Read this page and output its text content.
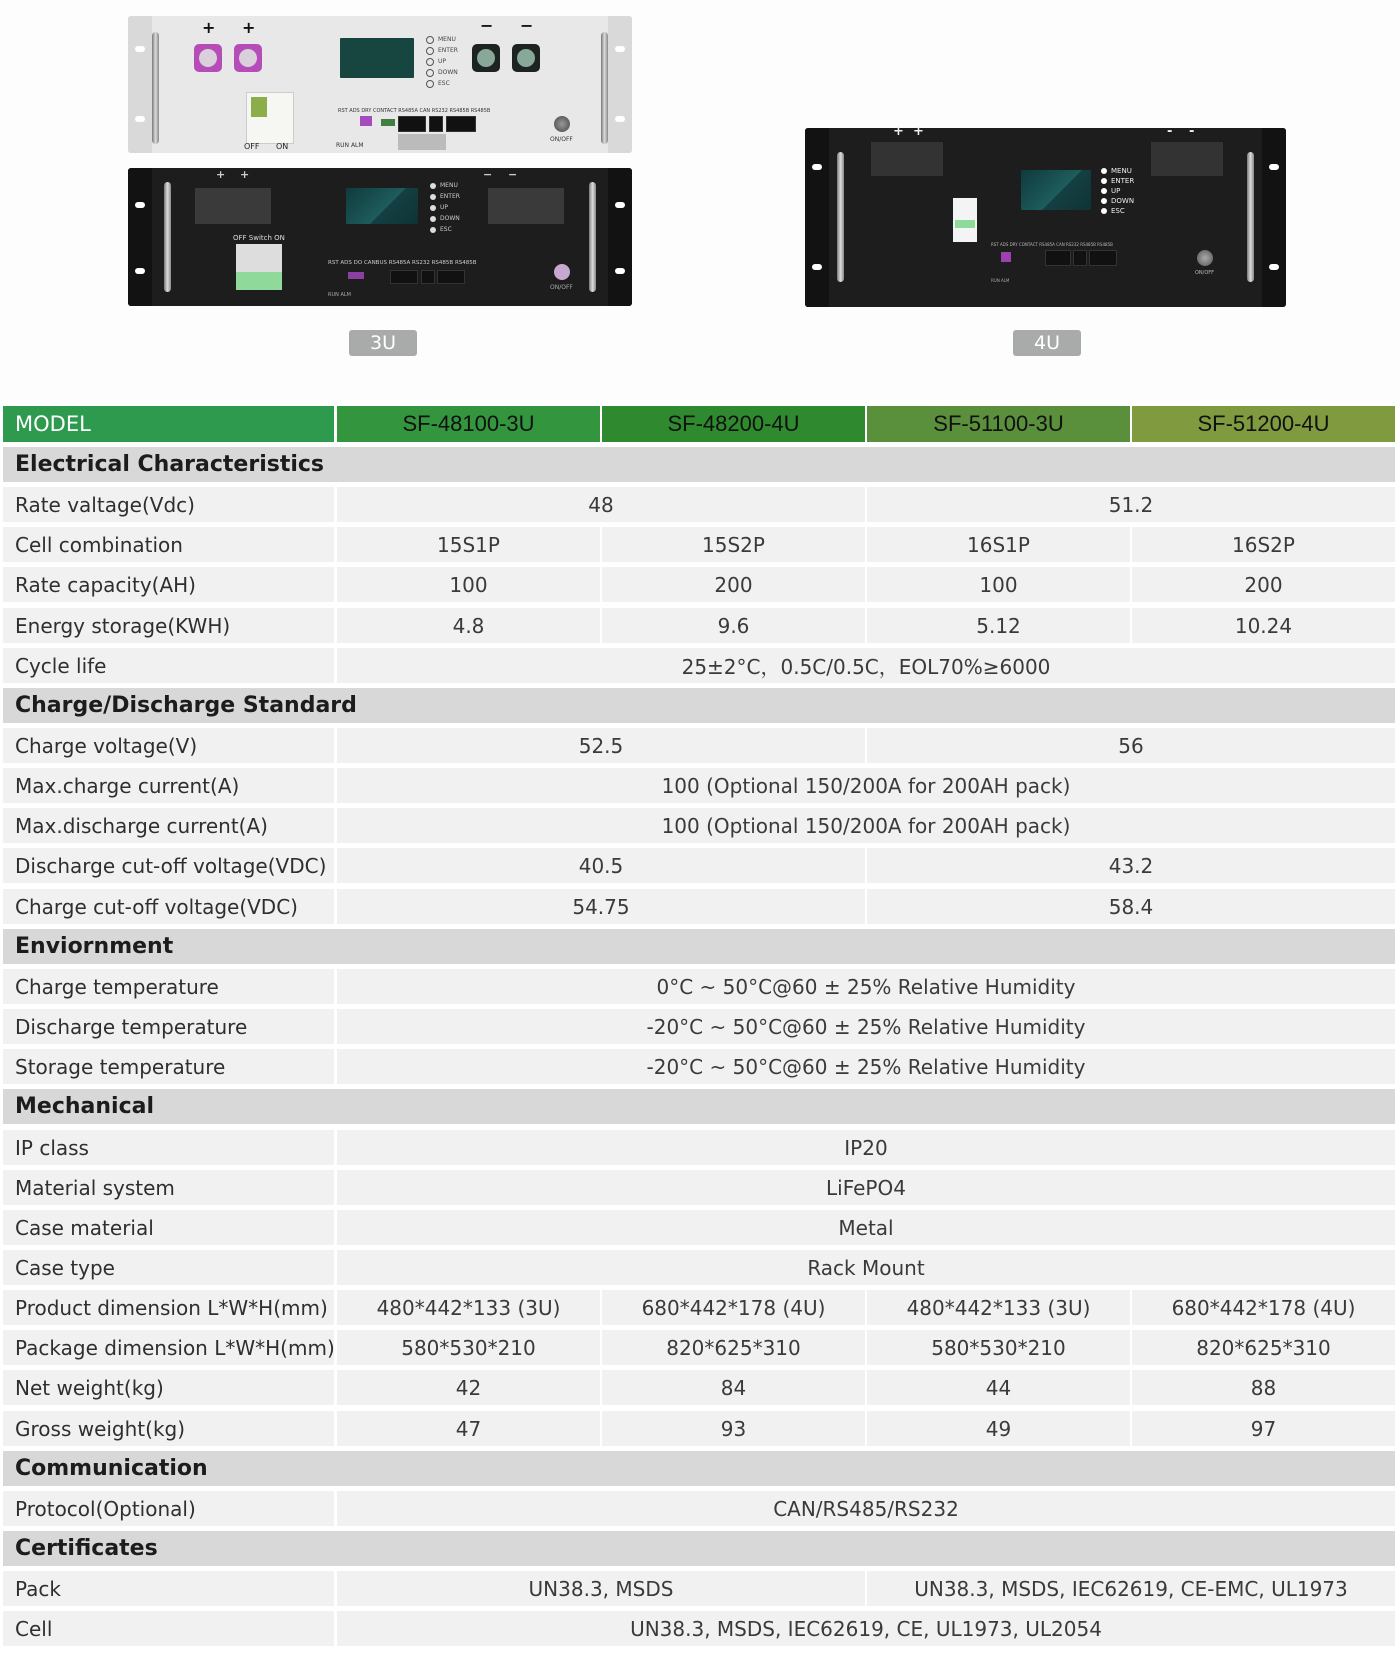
+ +	− −
MENU
ENTER
UP
DOWN
ESC
OFF ON
RST ADS DRY CONTACT RS485A CAN RS232 RS485B RS485B
RUN ALM
ON/OFF
+ +	− −
MENU
ENTER
UP
DOWN
ESC
OFF Switch ON
RST ADS DO CANBUS RS485A RS232 RS485B RS485B
RUN ALM
ON/OFF
3U
+ +	- -
MENU
ENTER
UP
DOWN
ESC
RST ADS DRY CONTACT RS485A CAN RS232 RS485B RS485B
RUN ALM
ON/OFF
4U
MODEL	SF-48100-3U	SF-48200-4U	SF-51100-3U	SF-51200-4U
Electrical Characteristics
Rate valtage(Vdc)	48	51.2
Cell combination	15S1P	15S2P	16S1P	16S2P
Rate capacity(AH)	100	200	100	200
Energy storage(KWH)	4.8	9.6	5.12	10.24
Cycle life	25±2°C，0.5C/0.5C，EOL70%≥6000
Charge/Discharge Standard
Charge voltage(V)	52.5	56
Max.charge current(A)	100 (Optional 150/200A for 200AH pack)
Max.discharge current(A)	100 (Optional 150/200A for 200AH pack)
Discharge cut-off voltage(VDC)	40.5	43.2
Charge cut-off voltage(VDC)	54.75	58.4
Enviornment
Charge temperature	0°C ~ 50°C@60 ± 25% Relative Humidity
Discharge temperature	-20°C ~ 50°C@60 ± 25% Relative Humidity
Storage temperature	-20°C ~ 50°C@60 ± 25% Relative Humidity
Mechanical
IP class	IP20
Material system	LiFePO4
Case material	Metal
Case type	Rack Mount
Product dimension L*W*H(mm)	480*442*133 (3U)	680*442*178 (4U)	480*442*133 (3U)	680*442*178 (4U)
Package dimension L*W*H(mm)	580*530*210	820*625*310	580*530*210	820*625*310
Net weight(kg)	42	84	44	88
Gross weight(kg)	47	93	49	97
Communication
Protocol(Optional)	CAN/RS485/RS232
Certificates
Pack	UN38.3, MSDS	UN38.3, MSDS, IEC62619, CE-EMC, UL1973
Cell	UN38.3, MSDS, IEC62619, CE, UL1973, UL2054
